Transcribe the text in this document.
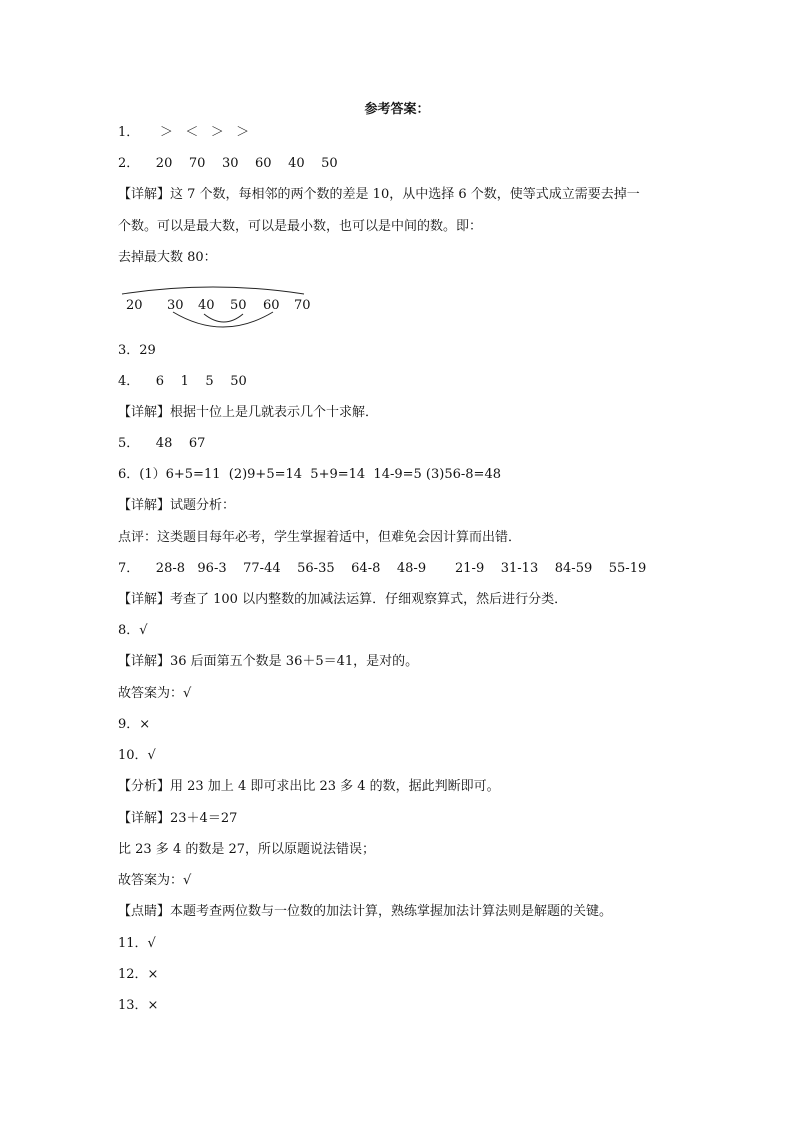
参考答案：
1．     ＞   ＜   ＞   ＞
2．    20    70    30    60    40    50
【详解】这 7 个数，每相邻的两个数的差是 10，从中选择 6 个数，使等式成立需要去掉一
个数。可以是最大数，可以是最小数，也可以是中间的数。即：
去掉最大数 80：
20 30 40 50 60 70
3．29
4．    6    1    5    50
【详解】根据十位上是几就表示几个十求解．
5．    48    67
6．(1）6+5=11  (2)9+5=14  5+9=14  14-9=5 (3)56-8=48
【详解】试题分析：
点评：这类题目每年必考，学生掌握着适中，但难免会因计算而出错．
7．    28-8   96-3    77-44    56-35    64-8    48-9       21-9    31-13    84-59    55-19
【详解】考查了 100 以内整数的加减法运算．仔细观察算式，然后进行分类．
8．√
【详解】36 后面第五个数是 36＋5＝41，是对的。
故答案为：√
9．×
10．√
【分析】用 23 加上 4 即可求出比 23 多 4 的数，据此判断即可。
【详解】23＋4＝27
比 23 多 4 的数是 27，所以原题说法错误；
故答案为：√
【点睛】本题考查两位数与一位数的加法计算，熟练掌握加法计算法则是解题的关键。
11．√
12．×
13．×
